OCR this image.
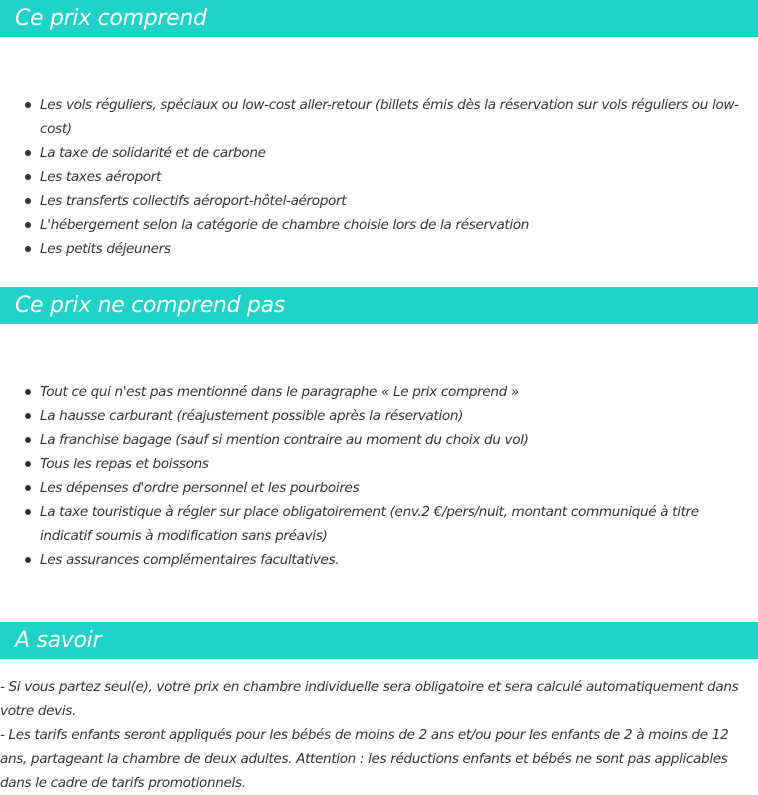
Ce prix comprend
Les vols réguliers, spéciaux ou low-cost aller-retour (billets émis dès la réservation sur vols réguliers ou low-cost)
La taxe de solidarité et de carbone
Les taxes aéroport
Les transferts collectifs aéroport-hôtel-aéroport
L'hébergement selon la catégorie de chambre choisie lors de la réservation
Les petits déjeuners
Ce prix ne comprend pas
Tout ce qui n'est pas mentionné dans le paragraphe « Le prix comprend »
La hausse carburant (réajustement possible après la réservation)
La franchise bagage (sauf si mention contraire au moment du choix du vol)
Tous les repas et boissons
Les dépenses d'ordre personnel et les pourboires
La taxe touristique à régler sur place obligatoirement (env.2 €/pers/nuit, montant communiqué à titre indicatif soumis à modification sans préavis)
Les assurances complémentaires facultatives.
A savoir

- Si vous partez seul(e), votre prix en chambre individuelle sera obligatoire et sera calculé automatiquement dans votre devis.

- Les tarifs enfants seront appliqués pour les bébés de moins de 2 ans et/ou pour les enfants de 2 à moins de 12 ans, partageant la chambre de deux adultes. Attention : les réductions enfants et bébés ne sont pas applicables dans le cadre de tarifs promotionnels.
